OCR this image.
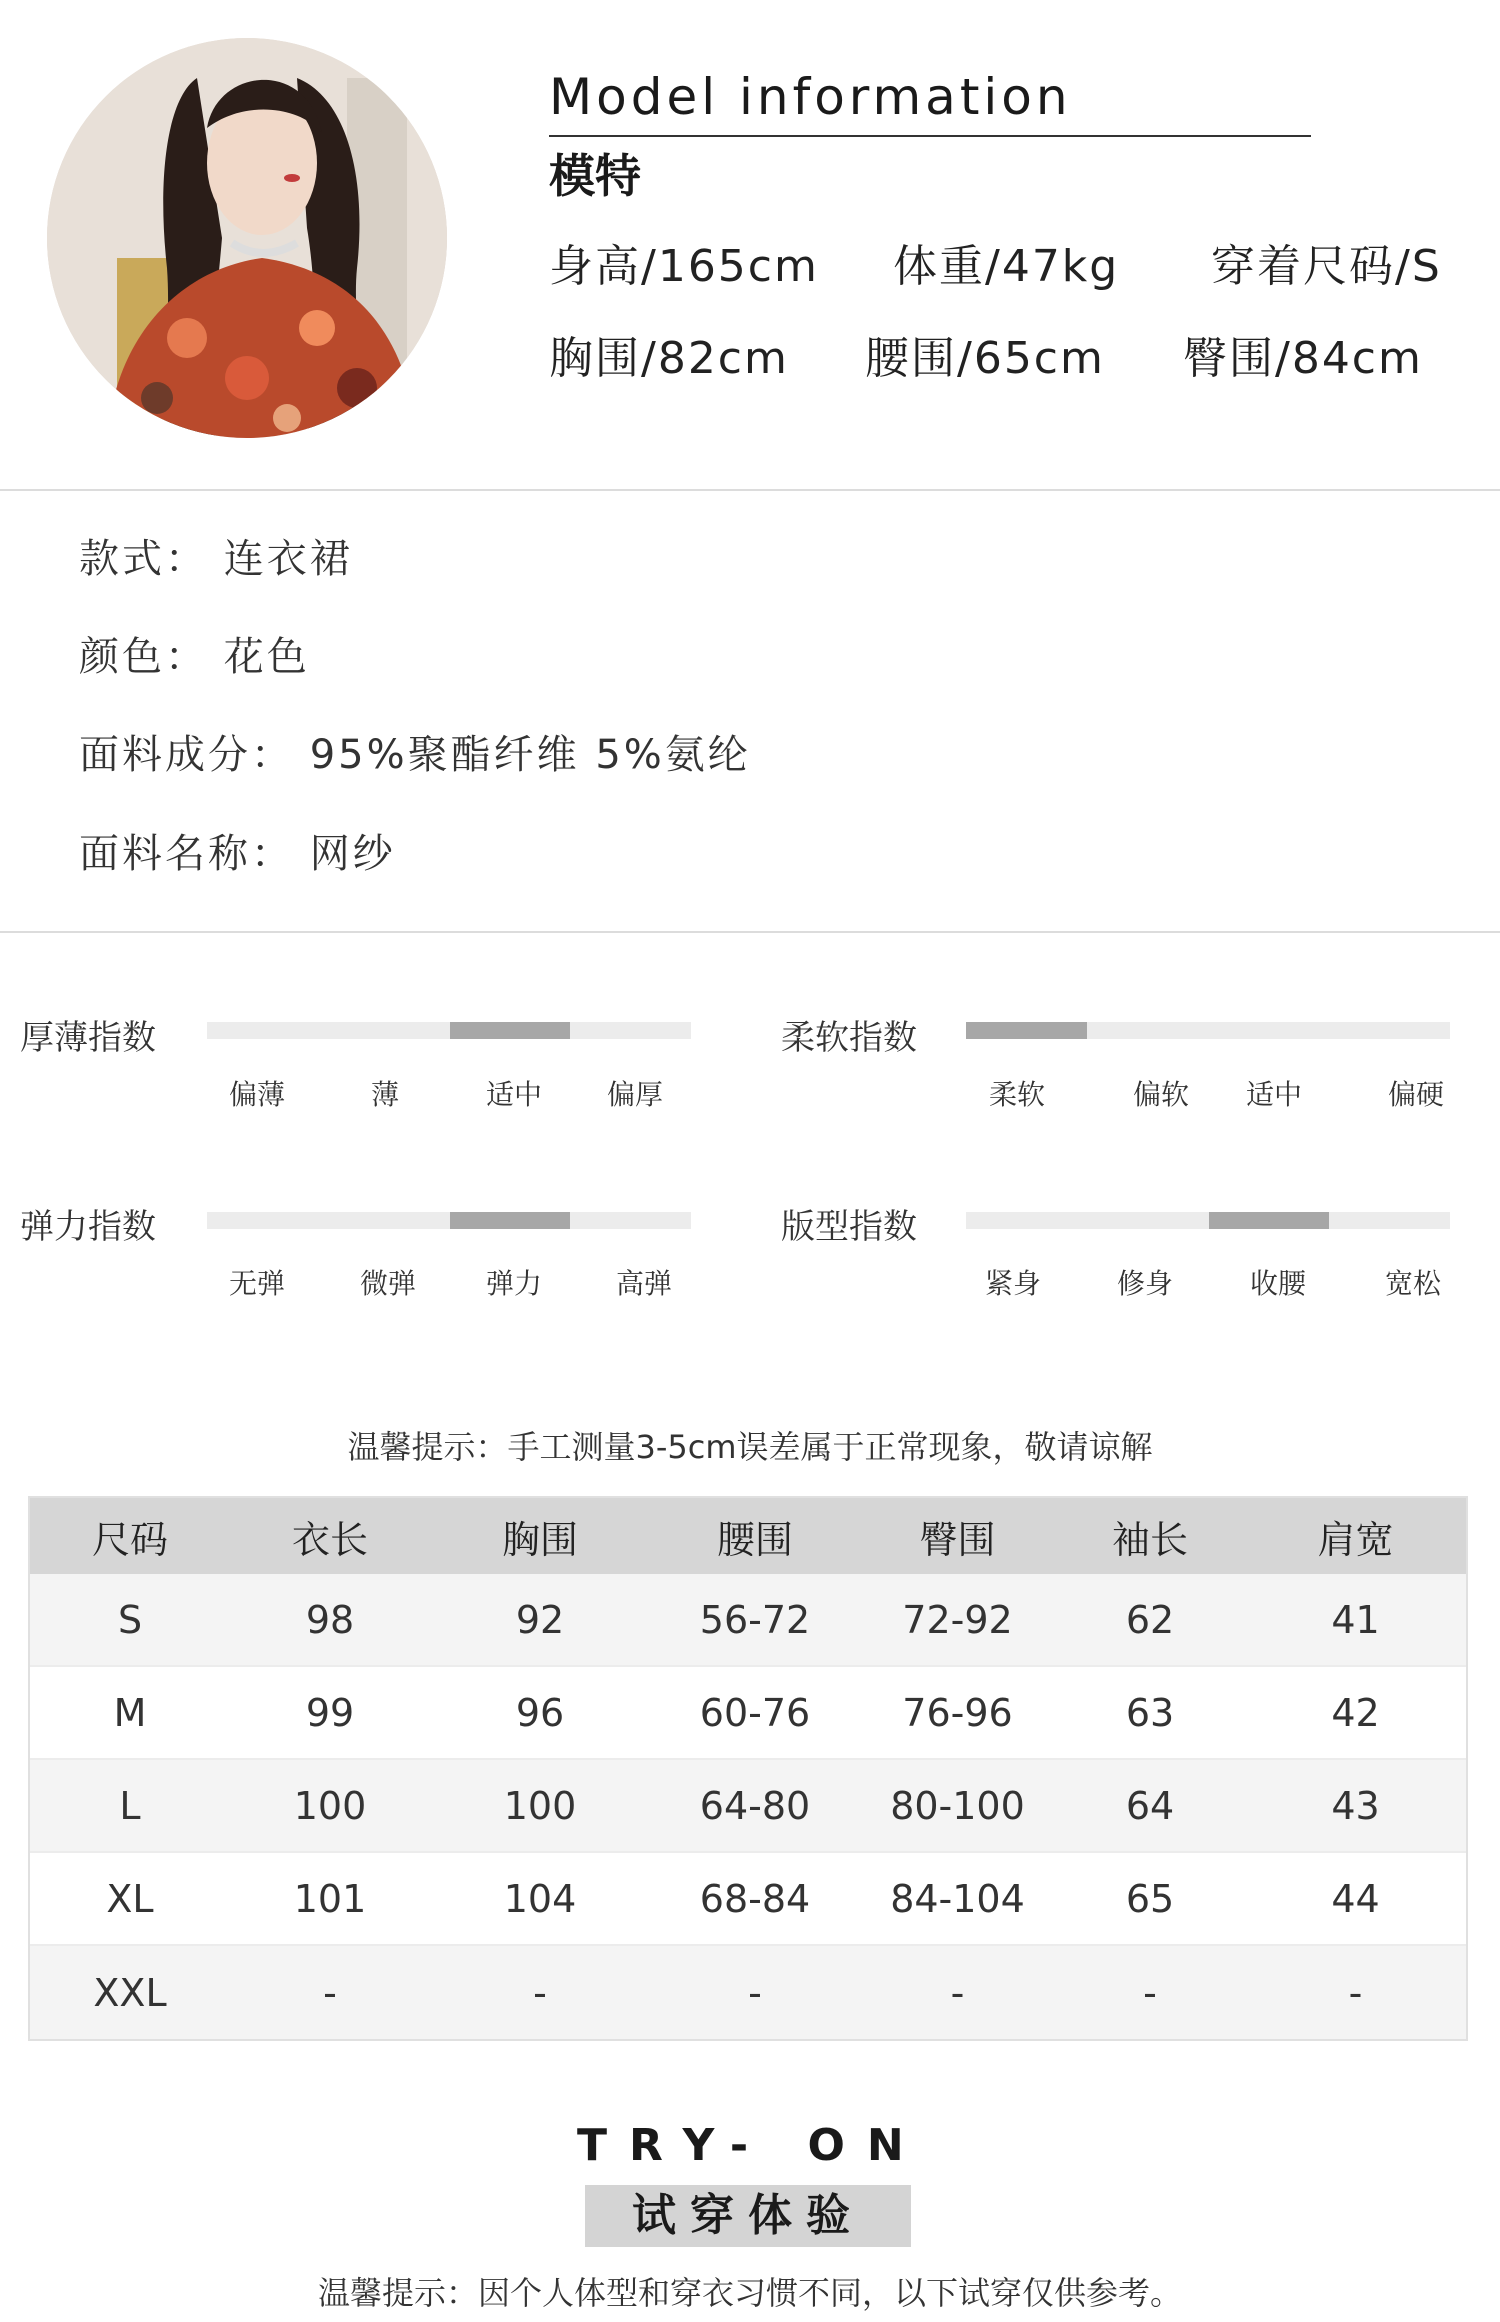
Model information
模特
身高/165cm 体重/47kg 穿着尺码/S
胸围/82cm 腰围/65cm 臀围/84cm
款式： 连衣裙
颜色： 花色
面料成分： 95%聚酯纤维 5%氨纶
面料名称： 网纱
厚薄指数
偏薄	薄	适中 偏厚
柔软指数
柔软	偏软 适中	偏硬
弹力指数
无弹	微弹 弹力	高弹
版型指数
紧身	修身	收腰	宽松
温馨提示：手工测量3-5cm误差属于正常现象，敬请谅解
尺码	衣长	胸围	腰围	臀围	袖长	肩宽
S	98	92	56-72	72-92	62	41
M	99	96	60-76	76-96	63	42
L	100	100	64-80	80-100	64	43
XL	101	104	68-84	84-104	65	44
XXL	-	-	-	-	-	-
TRY- ON
试穿体验
温馨提示：因个人体型和穿衣习惯不同，以下试穿仅供参考。
